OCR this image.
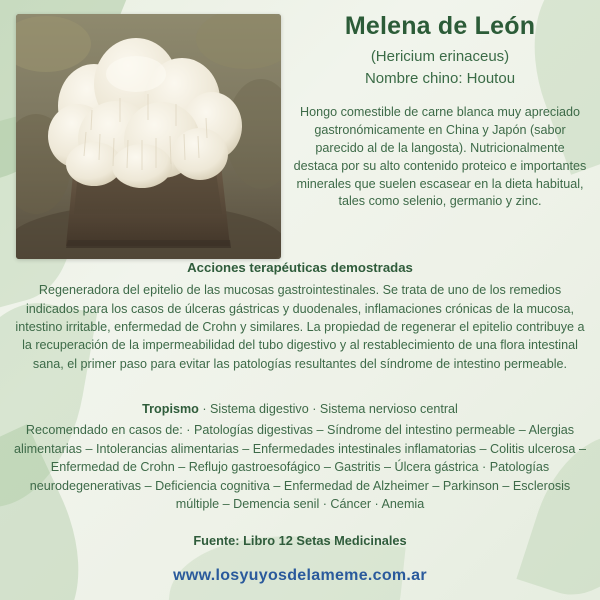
Melena de León

(Hericium erinaceus)

Nombre chino: Houtou

Hongo comestible de carne blanca muy apreciado gastronómicamente en China y Japón (sabor parecido al de la langosta). Nutricionalmente destaca por su alto contenido proteico e importantes minerales que suelen escasear en la dieta habitual, tales como selenio, germanio y zinc.
Acciones terapéuticas demostradas
Regeneradora del epitelio de las mucosas gastrointestinales. Se trata de uno de los remedios indicados para los casos de úlceras gástricas y duodenales, inflamaciones crónicas de la mucosa, intestino irritable, enfermedad de Crohn y similares. La propiedad de regenerar el epitelio contribuye a la recuperación de la impermeabilidad del tubo digestivo y al restablecimiento de una flora intestinal sana, el primer paso para evitar las patologías resultantes del síndrome de intestino permeable.
Tropismo · Sistema digestivo · Sistema nervioso central
Recomendado en casos de: · Patologías digestivas – Síndrome del intestino permeable – Alergias alimentarias – Intolerancias alimentarias – Enfermedades intestinales inflamatorias – Colitis ulcerosa – Enfermedad de Crohn – Reflujo gastroesofágico – Gastritis – Úlcera gástrica · Patologías neurodegenerativas – Deficiencia cognitiva – Enfermedad de Alzheimer – Parkinson – Esclerosis múltiple – Demencia senil · Cáncer · Anemia
Fuente: Libro 12 Setas Medicinales
www.losyuyosdelameme.com.ar
